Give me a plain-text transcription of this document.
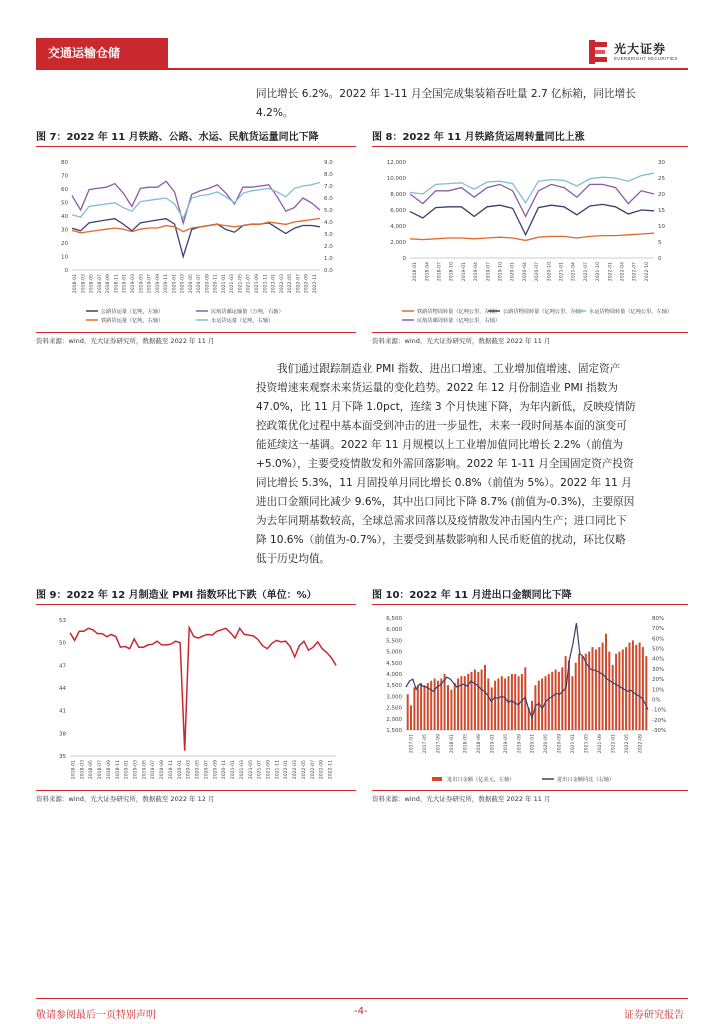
交通运输仓储	光大证券
EVERBRIGHT SECURITIES

同比增长 6.2%。2022 年 1-11 月全国完成集装箱吞吐量 2.7 亿标箱，同比增长

4.2%。

图 7：2022 年 11 月铁路、公路、水运、民航货运量同比下降
80
70
60
50
40
30
20
10
0
9.0
8.0
7.0
6.0
5.0
4.0
3.0
2.0
1.0
0.0
2018-01 2018-03 2018-05 2018-07 2018-09 2018-11 2019-01 2019-03 2019-05 2019-07 2019-09 2019-11 2020-01 2020-03 2020-05 2020-07 2020-09 2020-11 2021-01 2021-03 2021-05 2021-07 2021-09 2021-11 2022-01 2022-03 2022-05 2022-07 2022-09 2022-11
公路货运量（亿吨，左轴）	民航货邮运输量（万吨，右轴）
铁路货运量（亿吨，右轴）	水运货运量（亿吨，右轴）
资料来源：wind，光大证券研究所，数据截至 2022 年 11 月
图 8：2022 年 11 月铁路货运周转量同比上涨
12,000
10,000
8,000
6,000
4,000
2,000
0
30
25
20
15
10
5
0
2018-01 2018-04 2018-07 2018-10 2019-01 2019-04 2019-07 2019-10 2020-01 2020-04 2020-07 2020-10 2021-01 2021-04 2021-07 2021-10 2022-01 2022-04 2022-07 2022-10
铁路货物周转量（亿吨公里，左轴） 公路货物周转量（亿吨公里，左轴） 水运货物周转量（亿吨公里，左轴）
民航货邮周转量（亿吨公里，右轴）
资料来源：wind，光大证券研究所，数据截至 2022 年 11 月

我们通过跟踪制造业 PMI 指数、进出口增速、工业增加值增速、固定资产

投资增速来观察未来货运量的变化趋势。2022 年 12 月份制造业 PMI 指数为

47.0%，比 11 月下降 1.0pct，连续 3 个月快速下降，为年内新低，反映疫情防

控政策优化过程中基本面受到冲击的进一步显性，未来一段时间基本面的演变可

能延续这一基调。2022 年 11 月规模以上工业增加值同比增长 2.2%（前值为

+5.0%），主要受疫情散发和外需回落影响。2022 年 1-11 月全国固定资产投资

同比增长 5.3%，11 月固投单月同比增长 0.8%（前值为 5%）。2022 年 11 月

进出口金额同比减少 9.6%，其中出口同比下降 8.7% (前值为-0.3%)，主要原因

为去年同期基数较高，全球总需求回落以及疫情散发冲击国内生产；进口同比下

降 10.6%（前值为-0.7%），主要受到基数影响和人民币贬值的扰动，环比仅略

低于历史均值。

图 9：2022 年 12 月制造业 PMI 指数环比下跌（单位：%）
53
50
47
44
41
38
35
2018-01 2018-03 2018-05 2018-07 2018-09 2018-11 2019-01 2019-03 2019-05 2019-07 2019-09 2019-11 2020-01 2020-03 2020-05 2020-07 2020-09 2020-11 2021-01 2021-03 2021-05 2021-07 2021-09 2021-11 2022-01 2022-03 2022-05 2022-07 2022-09 2022-11
资料来源：wind，光大证券研究所，数据截至 2022 年 12 月
图 10：2022 年 11 月进出口金额同比下降
6,500
6,000
5,500
5,000
4,500
4,000
3,500
3,000
2,500
2,000
1,500
80%
70%
60%
50%
40%
30%
20%
10%
0%
-10%
-20%
-30%
2017-01 2017-05 2017-09 2018-01 2018-05 2018-09 2019-01 2019-05 2019-09 2020-01 2020-05 2020-09 2021-01 2021-05 2021-09 2022-01 2022-05 2022-09
进出口金额（亿美元，左轴）	进出口金额同比（右轴）
资料来源：wind，光大证券研究所，数据截至 2022 年 11 月
敬请参阅最后一页特别声明	-4-	证券研究报告
